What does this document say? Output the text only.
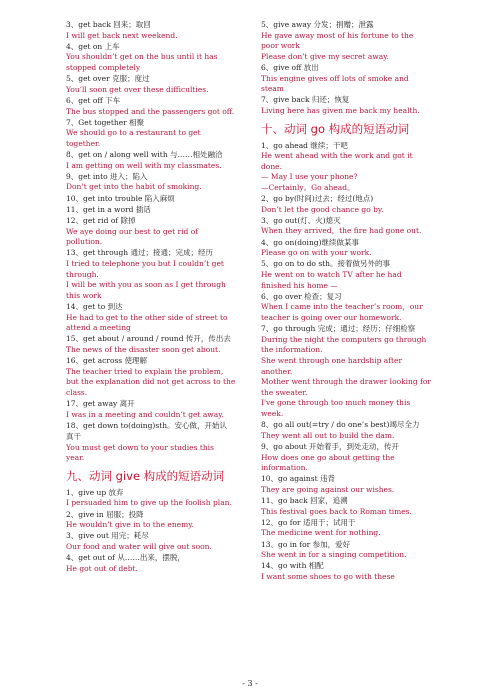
3、get back 回来；取回
I will get back next weekend.
4、get on 上车
You shouldn’t get on the bus until it has
stopped completely
5、get over 克服；度过
You’ll soon get over these difficulties.
6、get off 下车
The bus stopped and the passengers got off.
7、Get together 相聚
We should go to a restaurant to get
together.
8、get on / along well with 与……相处融洽
I am getting on well with my classmates.
9、get into 进入；陷入
Don’t get into the habit of smoking.
10、get into trouble 陷入麻烦
11、get in a word 插话
12、get rid of 除掉
We aye doing our best to get rid of
pollution.
13、get through 通过；接通；完成；经历
I tried to telephone you but I couldn’t get
through.
I will be with you as soon as I get through
this work
14、get to 到达
He had to get to the other side of street to
attend a meeting
15、get about / around / round 传开，传出去
The news of the disaster soon get about.
16、get across 使理解
The teacher tried to explain the problem,
but the explanation did not get across to the
class.
17、get away 离开
I was in a meeting and couldn’t get away.
18、get down to(doing)sth。安心做，开始认
真干
You must get down to your studies this
year.
九、动词 give 构成的短语动词
1、give up 放弃
I persuaded him to give up the foolish plan.
2、give in 屈服；投降
He wouldn’t give in to the enemy.
3、give out 用完；耗尽
Our food and water will give out soon.
4、get out of 从……出来，摆脱，
He got out of debt.
5、give away 分发；捐赠；泄露
He gave away most of his fortune to the
poor work
Please don’t give my secret away.
6、give off 放出
This engine gives off lots of smoke and
steam
7、give back 归还；恢复
Living here has given me back my health.
十、动词 go 构成的短语动词
1、go ahead 继续；干吧
He went ahead with the work and got it
done.
— May I use your phone?
—Certainly。Go ahead。
2、go by(时间)过去；经过(地点)
Don’t let the good chance go by.
3、go out(灯、火)熄灭
When they arrived，the fire had gone out.
4、go on(doing)继续做某事
Please go on with your work.
5、go on to do sth。接着做另外的事
He went on to watch TV after he had
finished his home —
6、go over 检查；复习
When I came into the teacher’s room，our
teacher is going over our homework.
7、go through 完成；通过；经历；仔细检察
During the night the computers go through
the information.
She went through one hardship after
another.
Mother went through the drawer looking for
the sweater.
I've gone through too much money this
week.
8、go all out(=try / do one’s best)竭尽全力
They went all out to build the dam.
9、go about 开始着手，到处走动，传开
How does one go about getting the
information.
10、go against 违背
They are going against our wishes.
11、go back 回家，追溯
This festival goes back to Roman times.
12、go for 适用于；试用于
The medicine went for nothing.
13、go in for 参加，爱好
She went in for a singing competition.
14、go with 相配
I want some shoes to go with these
- 3 -
